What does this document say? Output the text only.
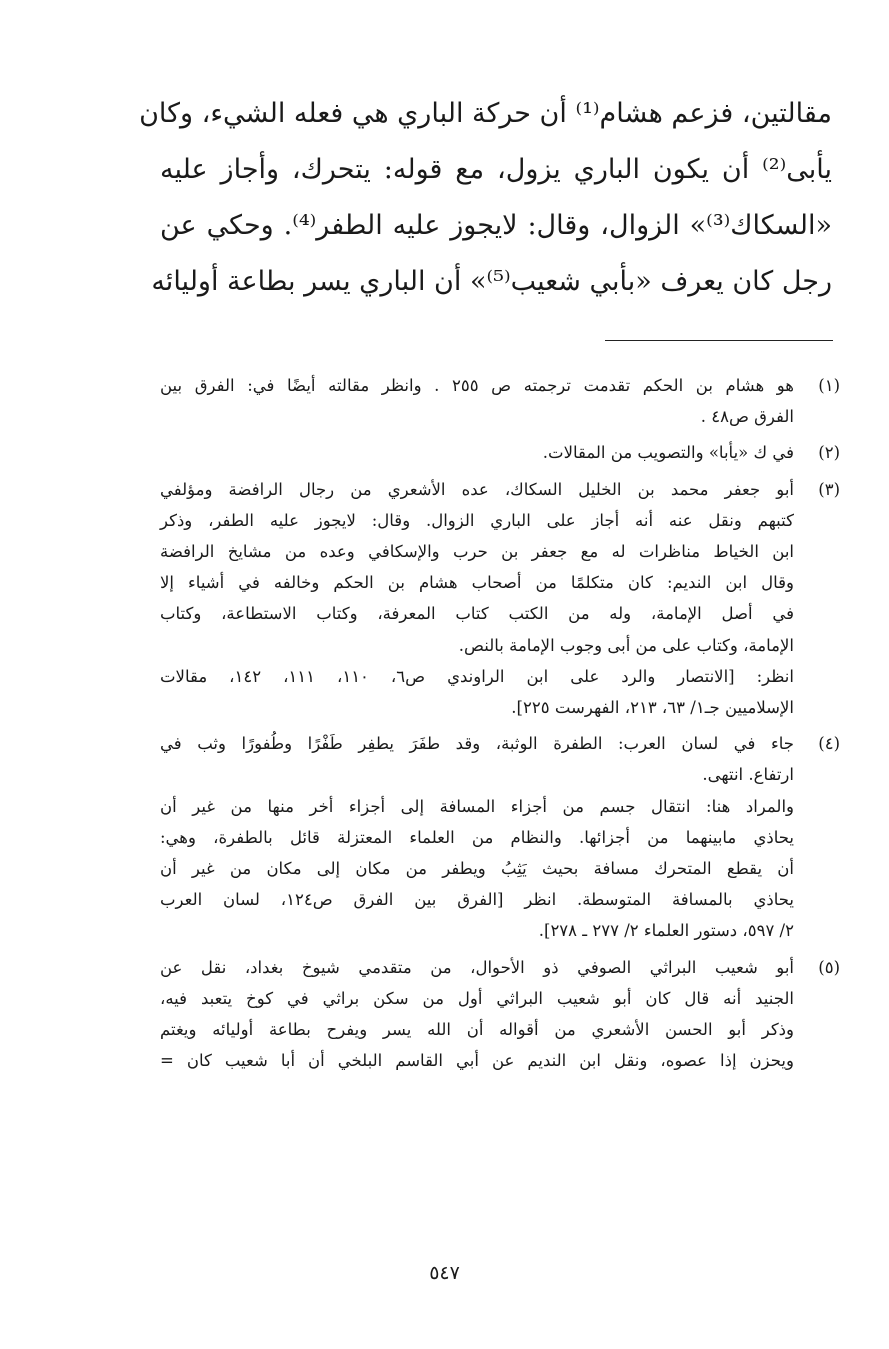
مقالتين، فزعم هشام⁽¹⁾ أن حركة الباري هي فعله الشيء، وكان
يأبى⁽²⁾ أن يكون الباري يزول، مع قوله: يتحرك، وأجاز عليه
«السكاك⁽³⁾» الزوال، وقال: لايجوز عليه الطفر⁽⁴⁾. وحكي عن
رجل كان يعرف «بأبي شعيب⁽⁵⁾» أن الباري يسر بطاعة أوليائه
(١)
هو هشام بن الحكم تقدمت ترجمته ص ٢٥٥ . وانظر مقالته أيضًا في: الفرق بين
الفرق ص٤٨ .
(٢)
في ك «يأبا» والتصويب من المقالات.
(٣)
أبو جعفر محمد بن الخليل السكاك، عده الأشعري من رجال الرافضة ومؤلفي
كتبهم ونقل عنه أنه أجاز على الباري الزوال. وقال: لايجوز عليه الطفر، وذكر
ابن الخياط مناظرات له مع جعفر بن حرب والإسكافي وعده من مشايخ الرافضة
وقال ابن النديم: كان متكلمًا من أصحاب هشام بن الحكم وخالفه في أشياء إلا
في أصل الإمامة، وله من الكتب كتاب المعرفة، وكتاب الاستطاعة، وكتاب
الإمامة، وكتاب على من أبى وجوب الإمامة بالنص.
انظر: [الانتصار والرد على ابن الراوندي ص٦، ١١٠، ١١١، ١٤٢، مقالات
الإسلاميين جـ١/ ٦٣، ٢١٣، الفهرست ٢٢٥].
(٤)
جاء في لسان العرب: الطفرة الوثبة، وقد طفَرَ يطفِر طَفْرًا وطُفورًا وثب في
ارتفاع. انتهى.
والمراد هنا: انتقال جسم من أجزاء المسافة إلى أجزاء أخر منها من غير أن
يحاذي مابينهما من أجزائها. والنظام من العلماء المعتزلة قائل بالطفرة، وهي:
أن يقطع المتحرك مسافة بحيث يَثِبُ ويطفر من مكان إلى مكان من غير أن
يحاذي بالمسافة المتوسطة. انظر [الفرق بين الفرق ص١٢٤، لسان العرب
٢/ ٥٩٧، دستور العلماء ٢/ ٢٧٧ ـ ٢٧٨].
(٥)
أبو شعيب البراثي الصوفي ذو الأحوال، من متقدمي شيوخ بغداد، نقل عن
الجنيد أنه قال كان أبو شعيب البراثي أول من سكن براثي في كوخ يتعبد فيه،
وذكر أبو الحسن الأشعري من أقواله أن الله يسر ويفرح بطاعة أوليائه ويغتم
ويحزن إذا عصوه، ونقل ابن النديم عن أبي القاسم البلخي أن أبا شعيب كان =
٥٤٧
